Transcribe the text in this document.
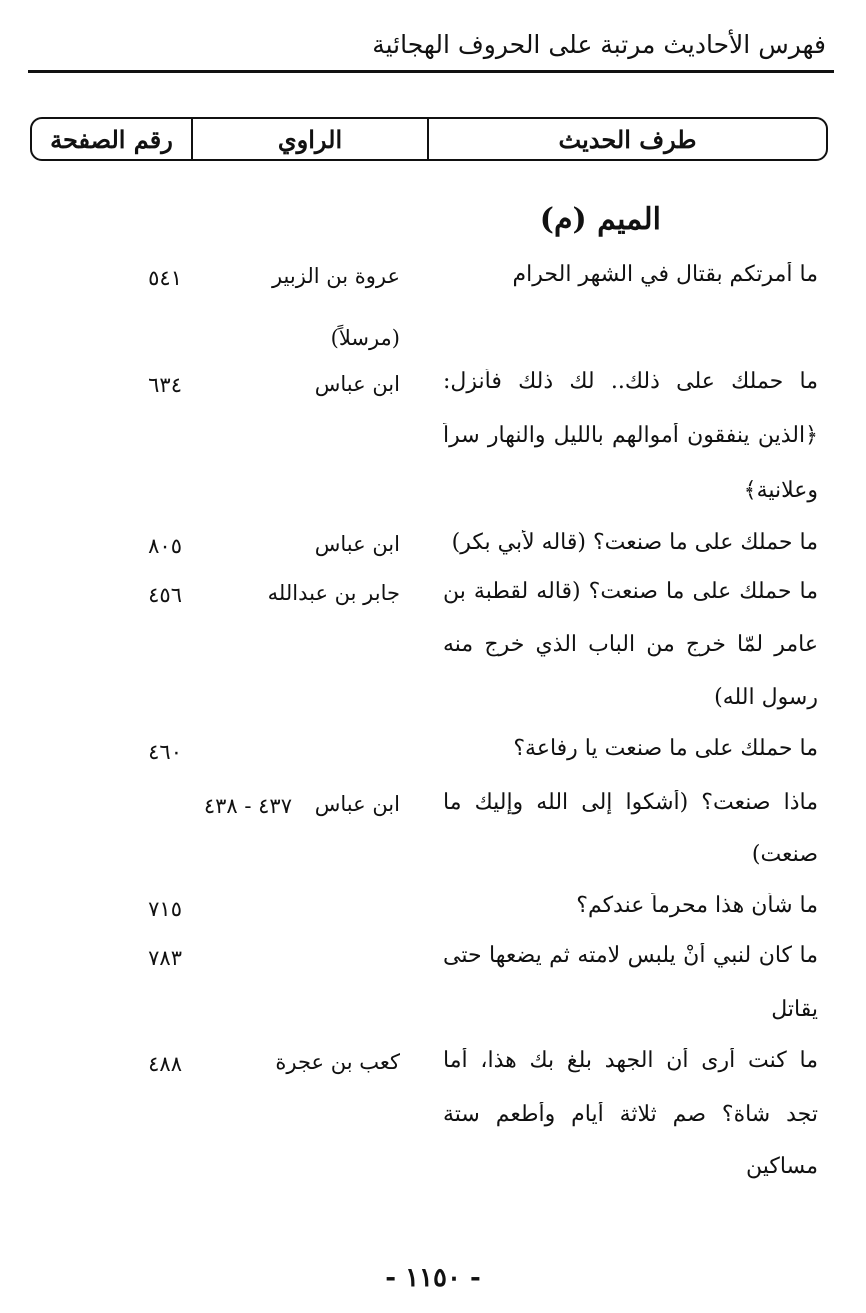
فهرس الأحاديث مرتبة على الحروف الهجائية
طرف الحديث
الراوي
رقم الصفحة
الميم (م)
ما أمرتكم بقتال في الشهر الحرام
عروة بن الزبير
(مرسلاً)
٥٤١
ما حملك على ذلك.. لك ذلك فأنزل:
﴿الذين ينفقون أموالهم بالليل والنهار سراً
وعلانية﴾
ابن عباس
٦٣٤
ما حملك على ما صنعت؟ (قاله لأبي بكر)
ابن عباس
٨٠٥
ما حملك على ما صنعت؟ (قاله لقطبة بن
عامر لمّا خرج من الباب الذي خرج منه
رسول الله)
جابر بن عبدالله
٤٥٦
ما حملك على ما صنعت يا رفاعة؟
٤٦٠
ماذا صنعت؟ (أشكوا إلى الله وإليك ما
صنعت)
ابن عباس
٤٣٧ - ٤٣٨
ما شأن هذا محرماً عندكم؟
٧١٥
ما كان لنبي أنْ يلبس لامته ثم يضعها حتى
يقاتل
٧٨٣
ما كنت أرى أن الجهد بلغ بك هذا، أما
تجد شاة؟ صم ثلاثة أيام وأطعم ستة
مساكين
كعب بن عجرة
٤٨٨
- ١١٥٠ -
